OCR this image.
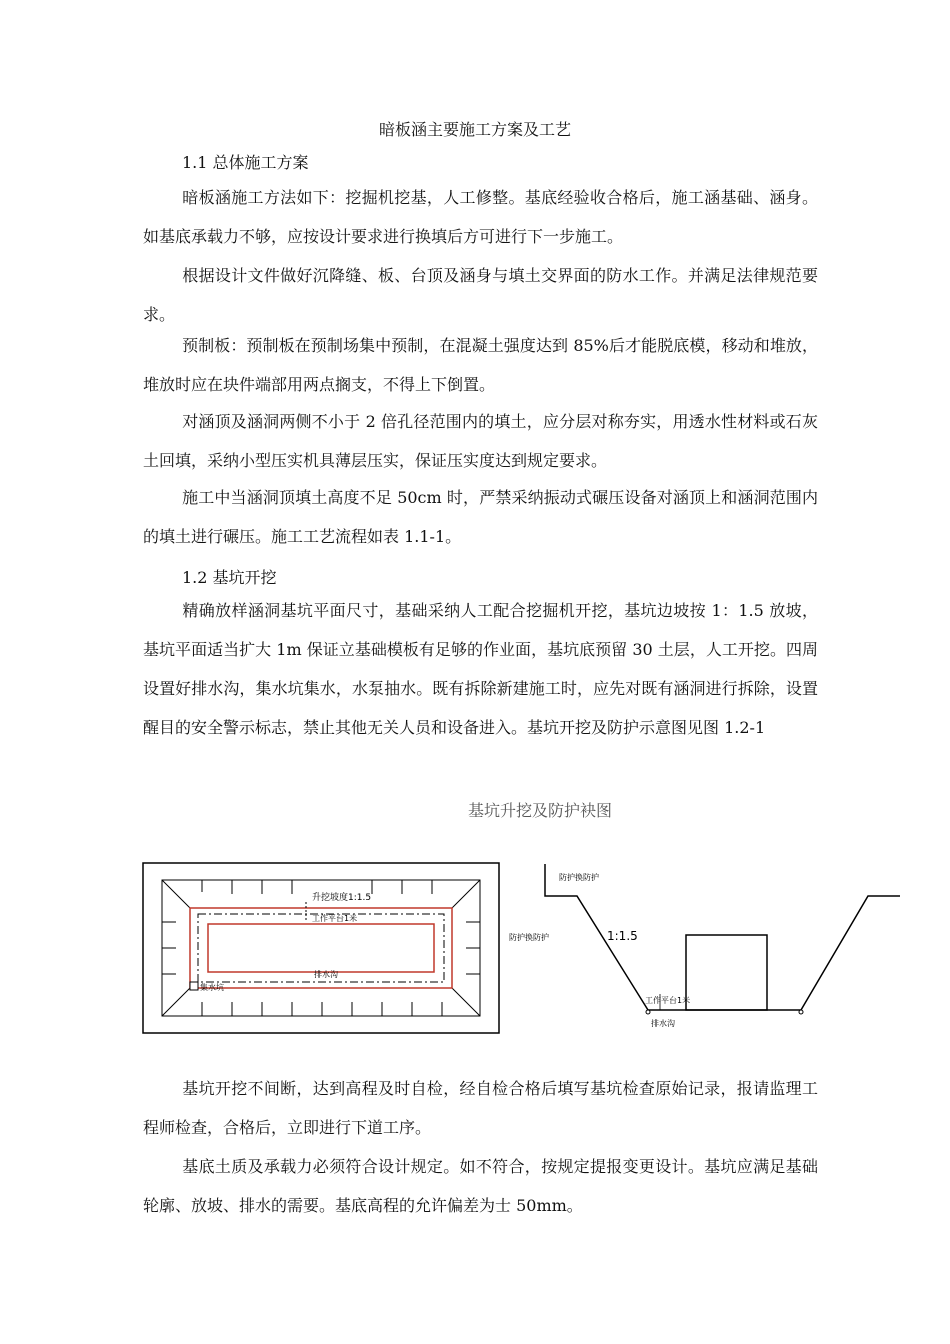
暗板涵主要施工方案及工艺
1.1 总体施工方案
暗板涵施工方法如下：挖掘机挖基，人工修整。基底经验收合格后，施工涵基础、涵身。如基底承载力不够，应按设计要求进行换填后方可进行下一步施工。
根据设计文件做好沉降缝、板、台顶及涵身与填土交界面的防水工作。并满足法律规范要求。
预制板：预制板在预制场集中预制，在混凝土强度达到 85%后才能脱底模，移动和堆放，堆放时应在块件端部用两点搁支，不得上下倒置。
对涵顶及涵洞两侧不小于 2 倍孔径范围内的填土，应分层对称夯实，用透水性材料或石灰土回填，采纳小型压实机具薄层压实，保证压实度达到规定要求。
施工中当涵洞顶填土高度不足 50cm 时，严禁采纳振动式碾压设备对涵顶上和涵洞范围内的填土进行碾压。施工工艺流程如表 1.1-1。
1.2 基坑开挖
精确放样涵洞基坑平面尺寸，基础采纳人工配合挖掘机开挖，基坑边坡按 1：1.5 放坡，基坑平面适当扩大 1m 保证立基础模板有足够的作业面，基坑底预留 30 土层，人工开挖。四周设置好排水沟，集水坑集水，水泵抽水。既有拆除新建施工时，应先对既有涵洞进行拆除，设置醒目的安全警示标志，禁止其他无关人员和设备进入。基坑开挖及防护示意图见图 1.2-1
基坑升挖及防护袂图
升挖坡度1:1.5
工作平台1米
排水沟
集水坑
防护换防护
防护换防护	1:1.5
工作平台1米
排水沟
基坑开挖不间断，达到高程及时自检，经自检合格后填写基坑检查原始记录，报请监理工程师检查，合格后，立即进行下道工序。
基底土质及承载力必须符合设计规定。如不符合，按规定提报变更设计。基坑应满足基础轮廓、放坡、排水的需要。基底高程的允许偏差为士 50mm。
